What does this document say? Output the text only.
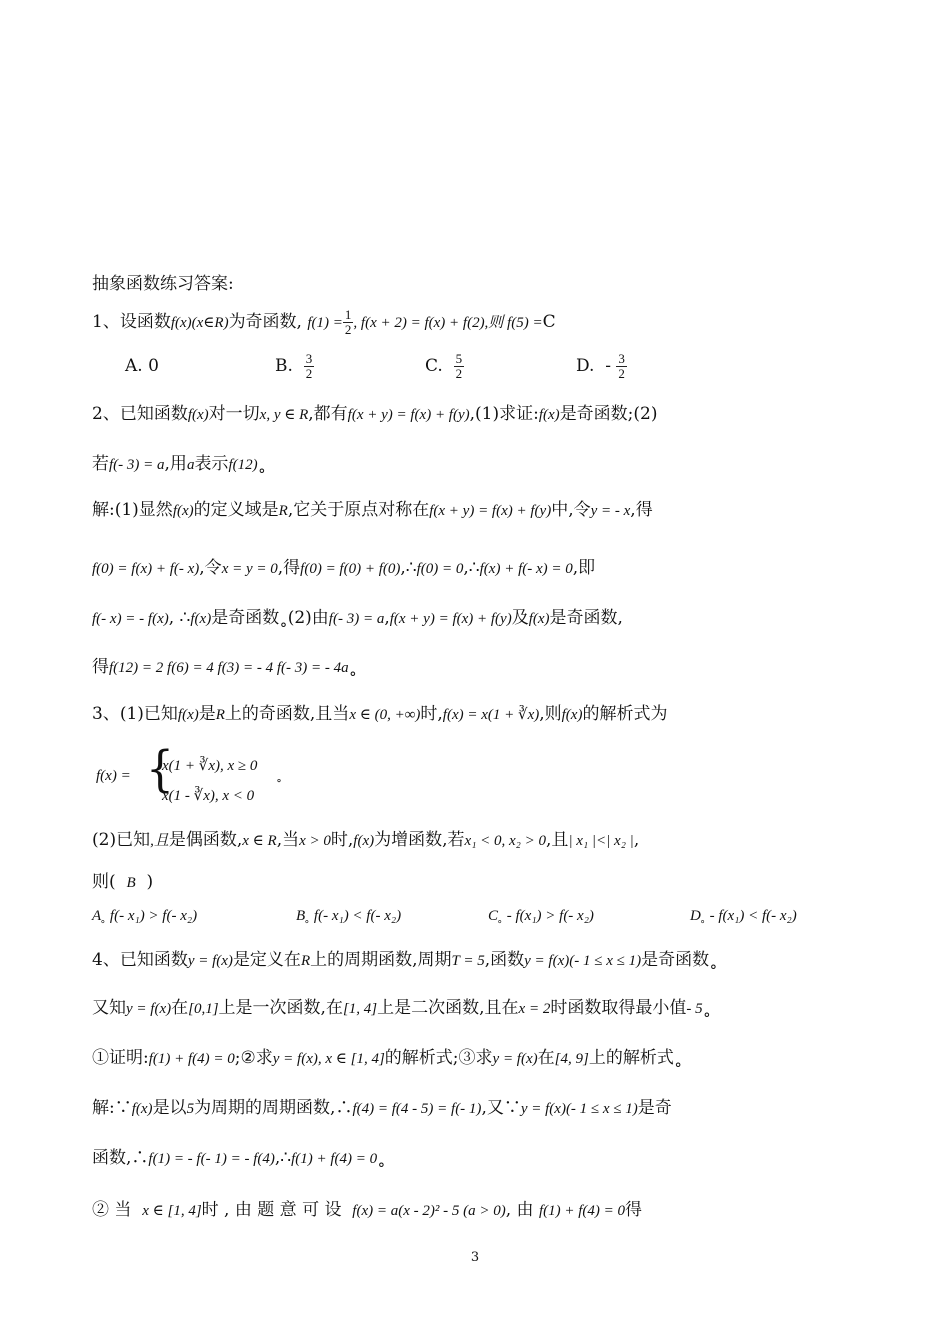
抽象函数练习答案:
1、设函数f(x)(x∈R)为奇函数, $f(1) = \frac{1}{2}$ , f(x + 2) = f(x) + f(2),则 f(5) =C
A. 0	B. $\frac{3}{2}$	C. $\frac{5}{2}$	D. - $\frac{3}{2}$
2、已知函数f(x)对一切x, y ∈ R,都有f(x + y) = f(x) + f(y),(1)求证:f(x)是奇函数;(2)
若f(- 3) = a,用a表示f(12)˳
解:(1)显然f(x)的定义域是R,它关于原点对称在f(x + y) = f(x) + f(y)中,令y = - x,得
f(0) = f(x) + f(- x),令x = y = 0,得f(0) = f(0) + f(0),∴f(0) = 0,∴f(x) + f(- x) = 0,即
f(- x) = - f(x), ∴f(x)是奇函数˳(2)由f(- 3) = a,f(x + y) = f(x) + f(y)及f(x)是奇函数,
得f(12) = 2 f(6) = 4 f(3) = - 4 f(- 3) = - 4a˳
3、(1)已知f(x)是R上的奇函数,且当x ∈ (0, +∞)时,f(x) = x(1 + ∛x),则f(x)的解析式为
f(x) = {
x(1 + ∛x), x ≥ 0
x(1 - ∛x), x < 0
˳
(2)已知,且是偶函数,x ∈ R,当x > 0时,f(x)为增函数,若x₁ < 0, x₂ > 0,且| x₁ |<| x₂ |,
则( B )
A˳ f(- x₁) > f(- x₂)	B˳ f(- x₁) < f(- x₂)	C˳ - f(x₁) > f(- x₂)	D˳ - f(x₁) < f(- x₂)
4、已知函数y = f(x)是定义在R上的周期函数,周期T = 5,函数y = f(x)(- 1 ≤ x ≤ 1)是奇函数˳
又知y = f(x)在[0,1]上是一次函数,在[1, 4]上是二次函数,且在x = 2时函数取得最小值- 5˳
①证明:f(1) + f(4) = 0;②求y = f(x), x ∈ [1, 4]的解析式;③求y = f(x)在[4, 9]上的解析式˳
解:∵f(x)是以5为周期的周期函数,∴f(4) = f(4 - 5) = f(- 1),又∵y = f(x)(- 1 ≤ x ≤ 1)是奇
函数,∴f(1) = - f(- 1) = - f(4),∴f(1) + f(4) = 0˳
② 当 x ∈ [1, 4]时 , 由 题 意 可 设 f(x) = a(x - 2)² - 5 (a > 0), 由 f(1) + f(4) = 0得
3
